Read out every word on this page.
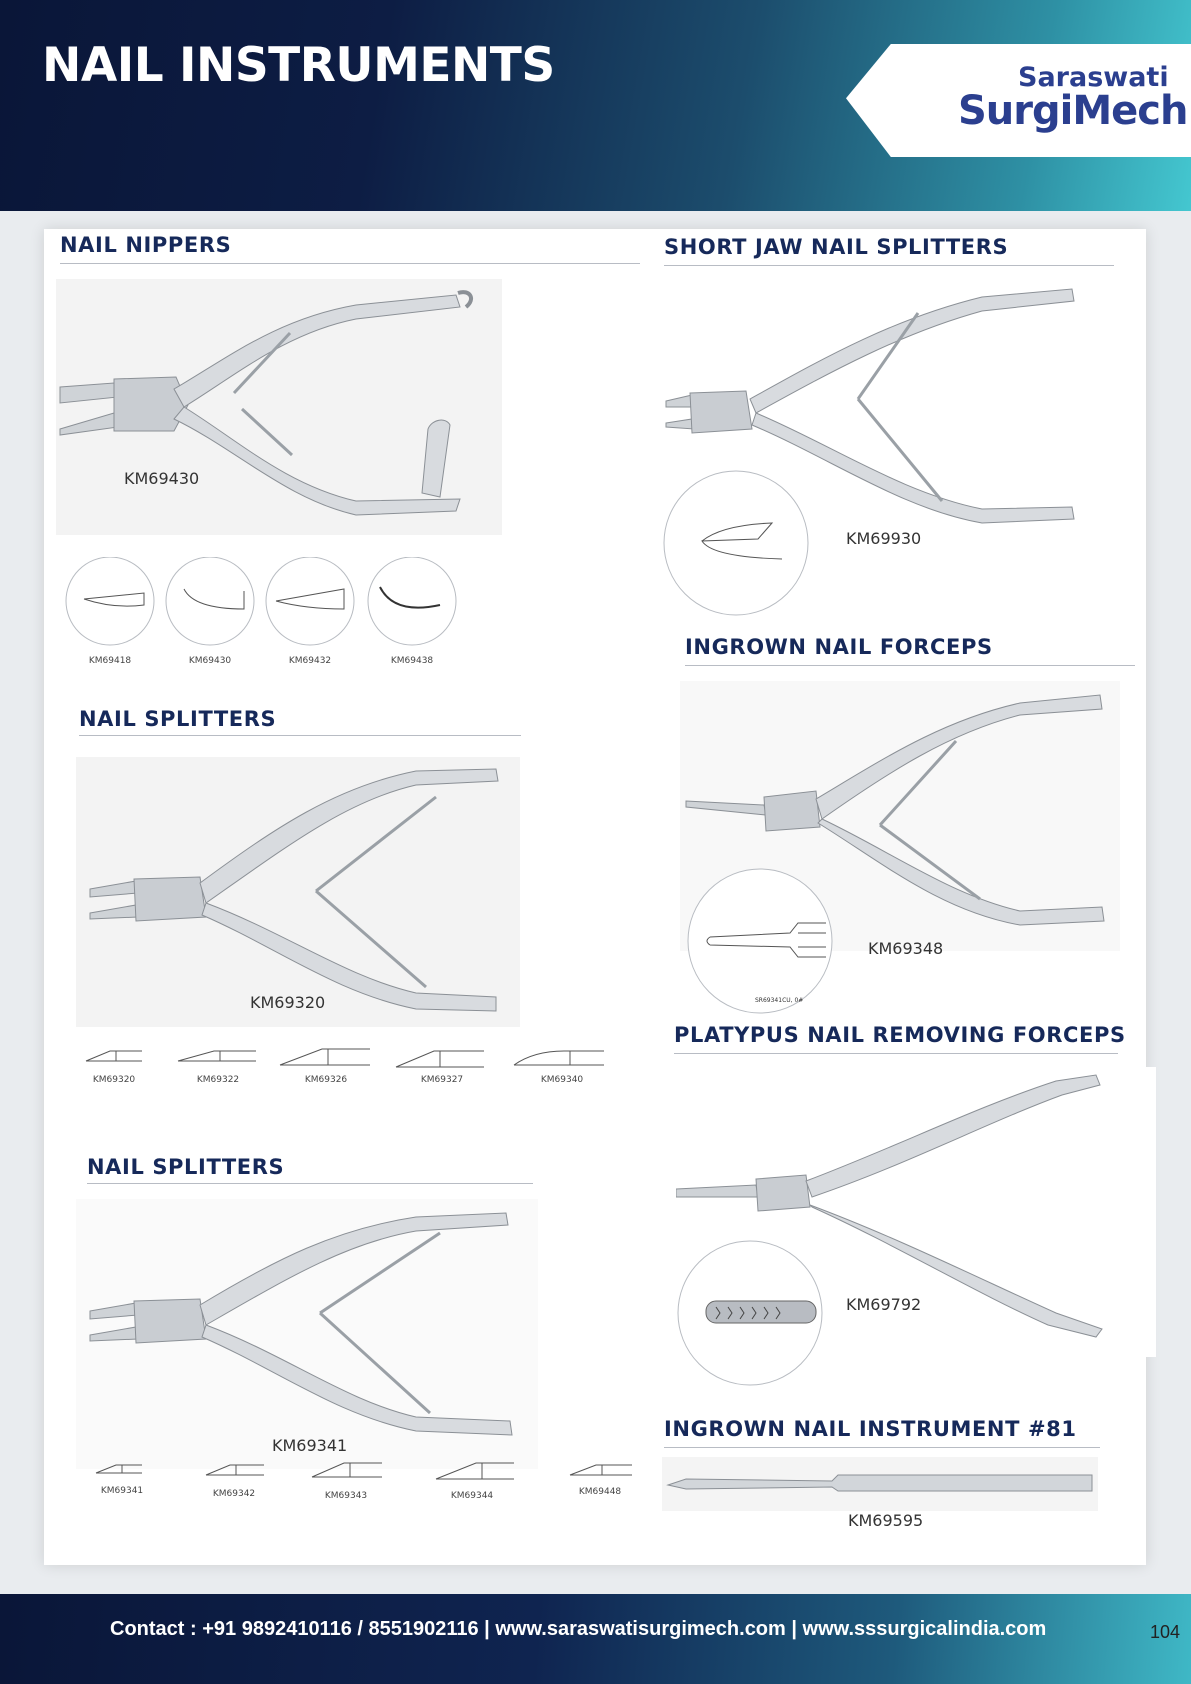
NAIL INSTRUMENTS	Saraswati
SurgiMech
NAIL NIPPERS
KM69430
KM69418	KM69430	KM69432	KM69438
NAIL SPLITTERS
KM69320
KM69320	KM69322	KM69326	KM69327	KM69340
NAIL SPLITTERS
KM69341
KM69341	KM69342	KM69343	KM69344	KM69448
SHORT JAW NAIL SPLITTERS
KM69930
INGROWN NAIL FORCEPS
SR69341CU, 0#
KM69348
PLATYPUS NAIL REMOVING FORCEPS
KM69792
INGROWN NAIL INSTRUMENT #81
KM69595
Contact : +91 9892410116 / 8551902116 | www.saraswatisurgimech.com | www.sssurgicalindia.com	104
